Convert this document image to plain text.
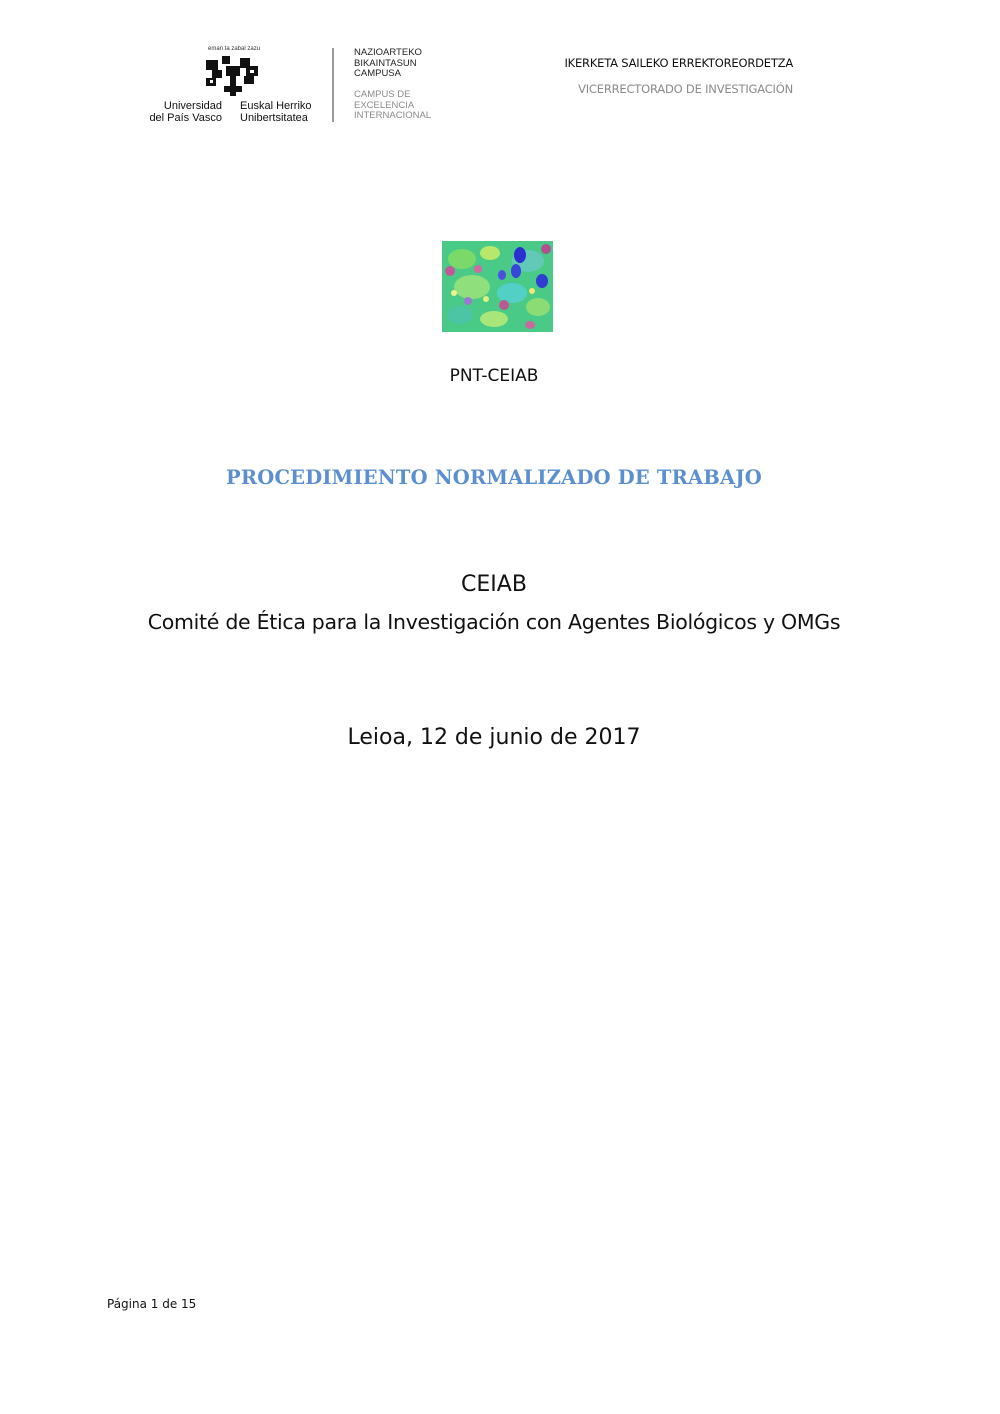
eman ta zabal zazu
Universidad
del País Vasco
Euskal Herriko
Unibertsitatea
NAZIOARTEKO
BIKAINTASUN
CAMPUSA
CAMPUS DE
EXCELENCIA
INTERNACIONAL
IKERKETA SAILEKO ERREKTOREORDETZA
VICERRECTORADO DE INVESTIGACIÓN
PNT-CEIAB
PROCEDIMIENTO NORMALIZADO DE TRABAJO
CEIAB
Comité de Ética para la Investigación con Agentes Biológicos y OMGs
Leioa, 12 de junio de 2017
Página 1 de 15
